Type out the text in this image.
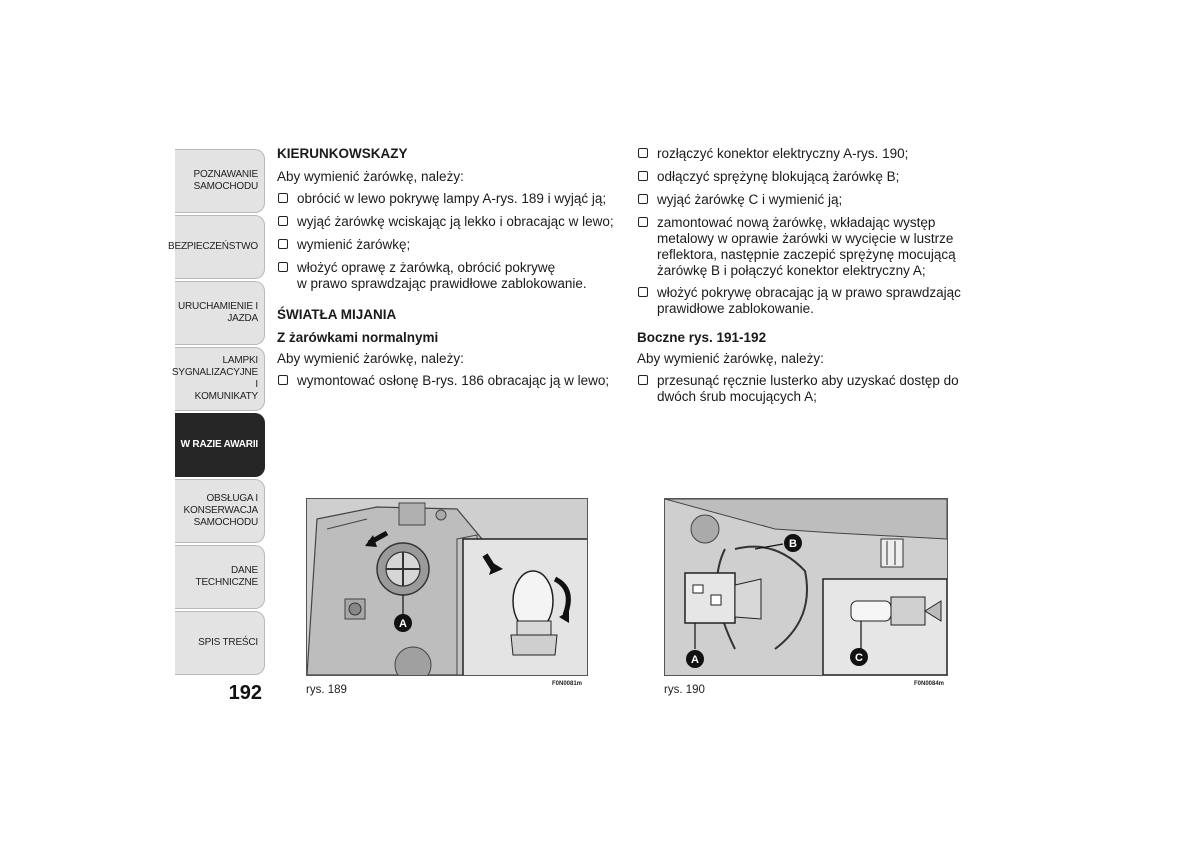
POZNAWANIE
SAMOCHODU
BEZPIECZEŃSTWO
URUCHAMIENIE I
JAZDA
LAMPKI
SYGNALIZACYJNE I
KOMUNIKATY
W RAZIE AWARII
OBSŁUGA I
KONSERWACJA
SAMOCHODU
DANE TECHNICZNE
SPIS TREŚCI
192
KIERUNKOWSKAZY
Aby wymienić żarówkę, należy:
obrócić w lewo pokrywę lampy A-rys. 189 i wyjąć ją;
wyjąć żarówkę wciskając ją lekko i obracając w lewo;
wymienić żarówkę;
włożyć oprawę z żarówką, obrócić pokrywę
w prawo sprawdzając prawidłowe zablokowanie.
ŚWIATŁA MIJANIA
Z żarówkami normalnymi
Aby wymienić żarówkę, należy:
wymontować osłonę B-rys. 186 obracając ją w lewo;
rozłączyć konektor elektryczny A-rys. 190;
odłączyć sprężynę blokującą żarówkę B;
wyjąć żarówkę C i wymienić ją;
zamontować nową żarówkę, wkładając występ
metalowy w oprawie żarówki w wycięcie w lustrze
reflektora, następnie zaczepić sprężynę mocującą
żarówkę B i połączyć konektor elektryczny A;
włożyć pokrywę obracając ją w prawo sprawdzając
prawidłowe zablokowanie.
Boczne rys. 191-192
Aby wymienić żarówkę, należy:
przesunąć ręcznie lusterko aby uzyskać dostęp do
dwóch śrub mocujących A;
A
rys. 189	F0N0081m
B
A	C
rys. 190	F0N0084m
